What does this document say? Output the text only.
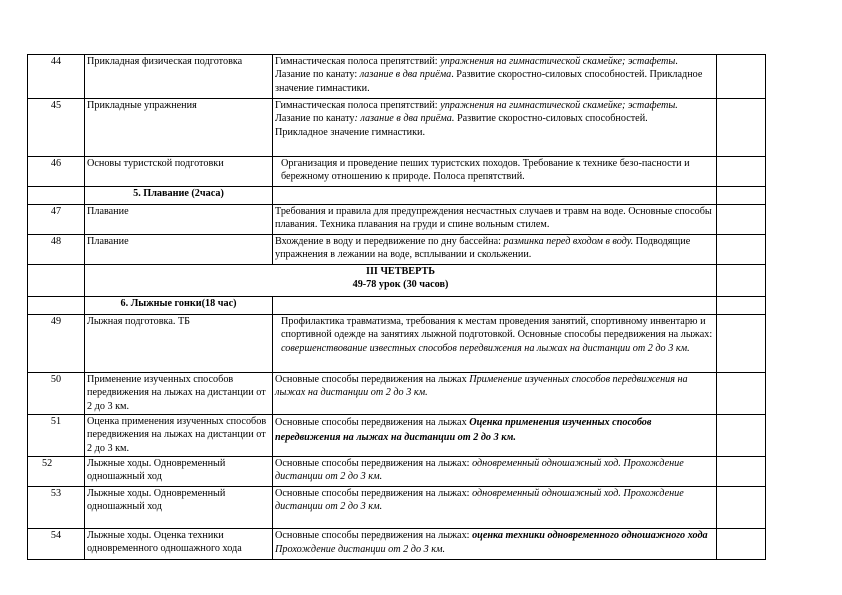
44	Прикладная физическая подготовка	Гимнастическая полоса препятствий: упражнения на гимнастической скамейке; эстафеты. Лазание по канату: лазание в два приёма. Развитие скоростно-силовых способностей. Прикладное значение гимнастики.	
45	Прикладные упражнения	Гимнастическая полоса препятствий: упражнения на гимнастической скамейке; эстафеты.
Лазание по канату: лазание в два приёма. Развитие скоростно-силовых способностей.
Прикладное значение гимнастики.	

46	Основы туристской подготовки	Организация и проведение пеших туристских походов. Требование к технике безо-пасности и бережному отношению к природе. Полоса препятствий.	
	5. Плавание (2часа)		
47	Плавание	Требования и правила для предупреждения несчастных случаев и травм на воде. Основные способы плавания. Техника плавания на груди и спине вольным стилем.	
48	Плавание	Вхождение в воду и передвижение по дну бассейна: разминка перед входом в воду. Подводящие упражнения в лежании на воде, всплывании и скольжении.	

	III ЧЕТВЕРТЬ
49-78 урок (30 часов)		

	6. Лыжные гонки(18 час)		
49	Лыжная подготовка. ТБ	Профилактика травматизма, требования к местам проведения занятий, спортивному инвентарю и спортивной одежде на занятиях лыжной подготовкой. Основные способы передвижения на лыжах: совершенствование известных способов передвижения на лыжах на дистанции от 2 до 3 км.	
50	Применение изученных способов передвижения на лыжах на дистанции от 2 до 3 км.	Основные способы передвижения на лыжах Применение изученных способов передвижения на лыжах на дистанции от 2 до 3 км.	
51	Оценка применения изученных способов передвижения на лыжах на дистанции от 2 до 3 км.	Основные способы передвижения на лыжах Оценка применения изученных способов передвижения на лыжах на дистанции от 2 до 3 км.	
52	Лыжные ходы. Одновременный одношажный ход	Основные способы передвижения на лыжах: одновременный одношажный ход. Прохождение дистанции от 2 до 3 км.	
53	Лыжные ходы. Одновременный одношажный ход	Основные способы передвижения на лыжах: одновременный одношажный ход. Прохождение дистанции от 2 до 3 км.	
54	Лыжные ходы. Оценка техники одновременного одношажного хода	Основные способы передвижения на лыжах: оценка техники одновременного одношажного хода Прохождение дистанции от 2 до 3 км.	
